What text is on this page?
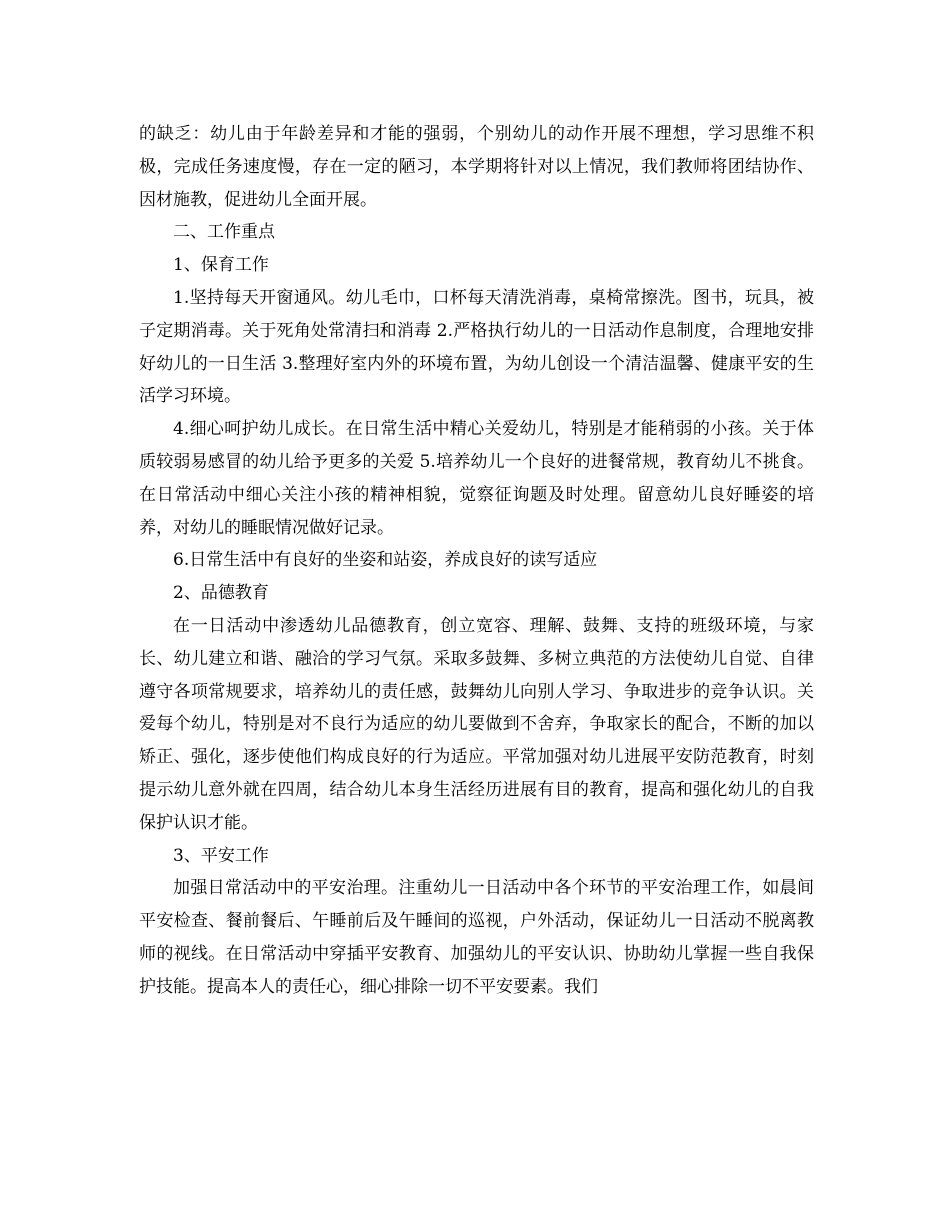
的缺乏：幼儿由于年龄差异和才能的强弱，个别幼儿的动作开展不理想，学习思维不积极，完成任务速度慢，存在一定的陋习，本学期将针对以上情况，我们教师将团结协作、因材施教，促进幼儿全面开展。

二、工作重点

1、保育工作

1.坚持每天开窗通风。幼儿毛巾，口杯每天清洗消毒，桌椅常擦洗。图书，玩具，被子定期消毒。关于死角处常清扫和消毒 2.严格执行幼儿的一日活动作息制度，合理地安排好幼儿的一日生活 3.整理好室内外的环境布置，为幼儿创设一个清洁温馨、健康平安的生活学习环境。

4.细心呵护幼儿成长。在日常生活中精心关爱幼儿，特别是才能稍弱的小孩。关于体质较弱易感冒的幼儿给予更多的关爱 5.培养幼儿一个良好的进餐常规，教育幼儿不挑食。在日常活动中细心关注小孩的精神相貌，觉察征询题及时处理。留意幼儿良好睡姿的培养，对幼儿的睡眠情况做好记录。

6.日常生活中有良好的坐姿和站姿，养成良好的读写适应

2、品德教育

在一日活动中渗透幼儿品德教育，创立宽容、理解、鼓舞、支持的班级环境，与家长、幼儿建立和谐、融洽的学习气氛。采取多鼓舞、多树立典范的方法使幼儿自觉、自律遵守各项常规要求，培养幼儿的责任感，鼓舞幼儿向别人学习、争取进步的竞争认识。关爱每个幼儿，特别是对不良行为适应的幼儿要做到不舍弃，争取家长的配合，不断的加以矫正、强化，逐步使他们构成良好的行为适应。平常加强对幼儿进展平安防范教育，时刻提示幼儿意外就在四周，结合幼儿本身生活经历进展有目的教育，提高和强化幼儿的自我保护认识才能。

3、平安工作

加强日常活动中的平安治理。注重幼儿一日活动中各个环节的平安治理工作，如晨间平安检查、餐前餐后、午睡前后及午睡间的巡视，户外活动，保证幼儿一日活动不脱离教师的视线。在日常活动中穿插平安教育、加强幼儿的平安认识、协助幼儿掌握一些自我保护技能。提高本人的责任心，细心排除一切不平安要素。我们
